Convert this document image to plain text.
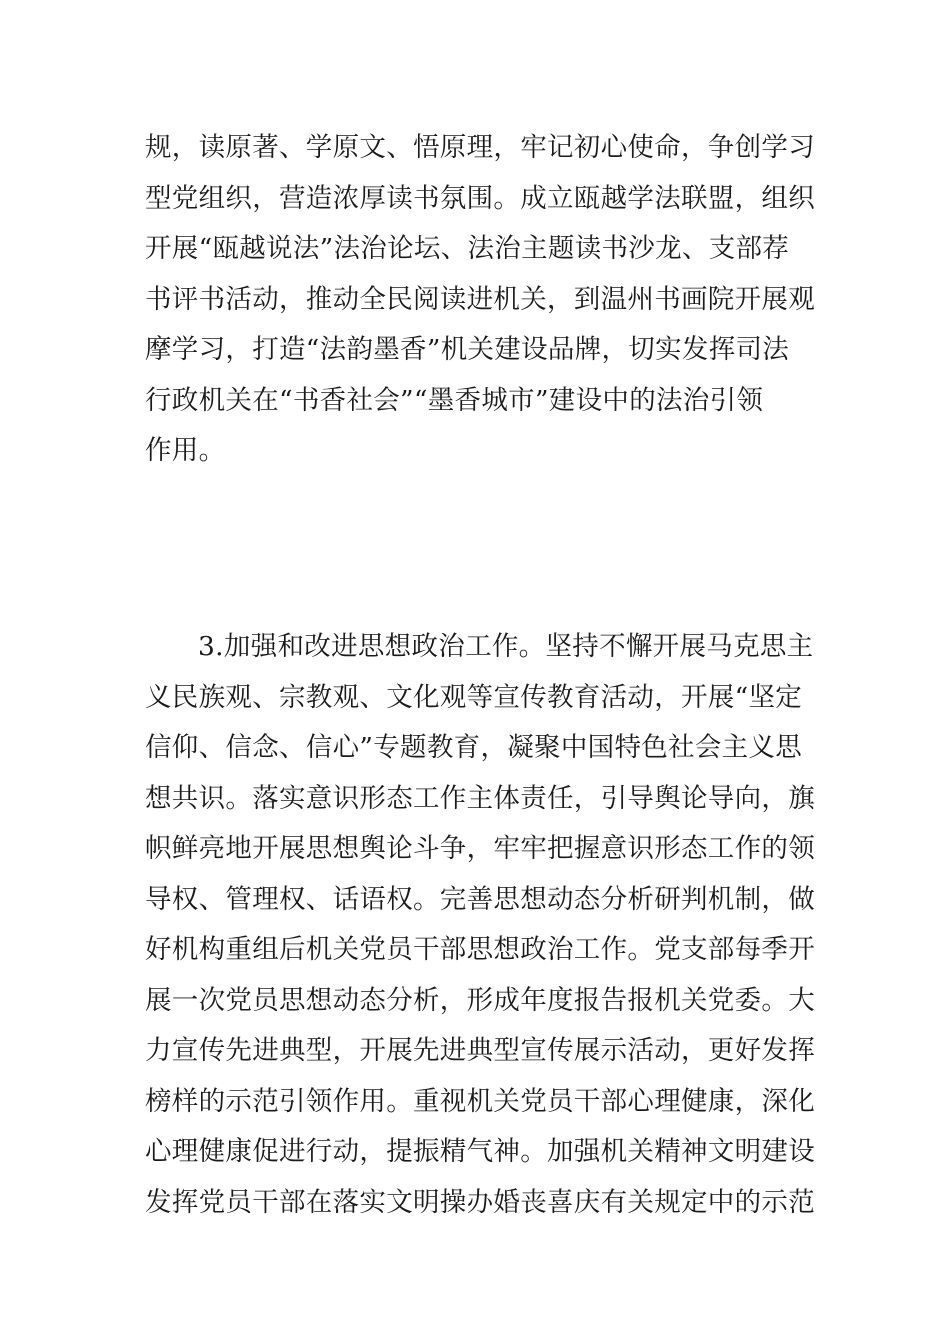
规，读原著、学原文、悟原理，牢记初心使命，争创学习
型党组织，营造浓厚读书氛围。成立瓯越学法联盟，组织
开展“瓯越说法”法治论坛、法治主题读书沙龙、支部荐
书评书活动，推动全民阅读进机关，到温州书画院开展观
摩学习，打造“法韵墨香”机关建设品牌，切实发挥司法
行政机关在“书香社会”“墨香城市”建设中的法治引领
作用。

3.加强和改进思想政治工作。坚持不懈开展马克思主
义民族观、宗教观、文化观等宣传教育活动，开展“坚定
信仰、信念、信心”专题教育，凝聚中国特色社会主义思
想共识。落实意识形态工作主体责任，引导舆论导向，旗
帜鲜亮地开展思想舆论斗争，牢牢把握意识形态工作的领
导权、管理权、话语权。完善思想动态分析研判机制，做
好机构重组后机关党员干部思想政治工作。党支部每季开
展一次党员思想动态分析，形成年度报告报机关党委。大
力宣传先进典型，开展先进典型宣传展示活动，更好发挥
榜样的示范引领作用。重视机关党员干部心理健康，深化
心理健康促进行动，提振精气神。加强机关精神文明建设
发挥党员干部在落实文明操办婚丧喜庆有关规定中的示范
